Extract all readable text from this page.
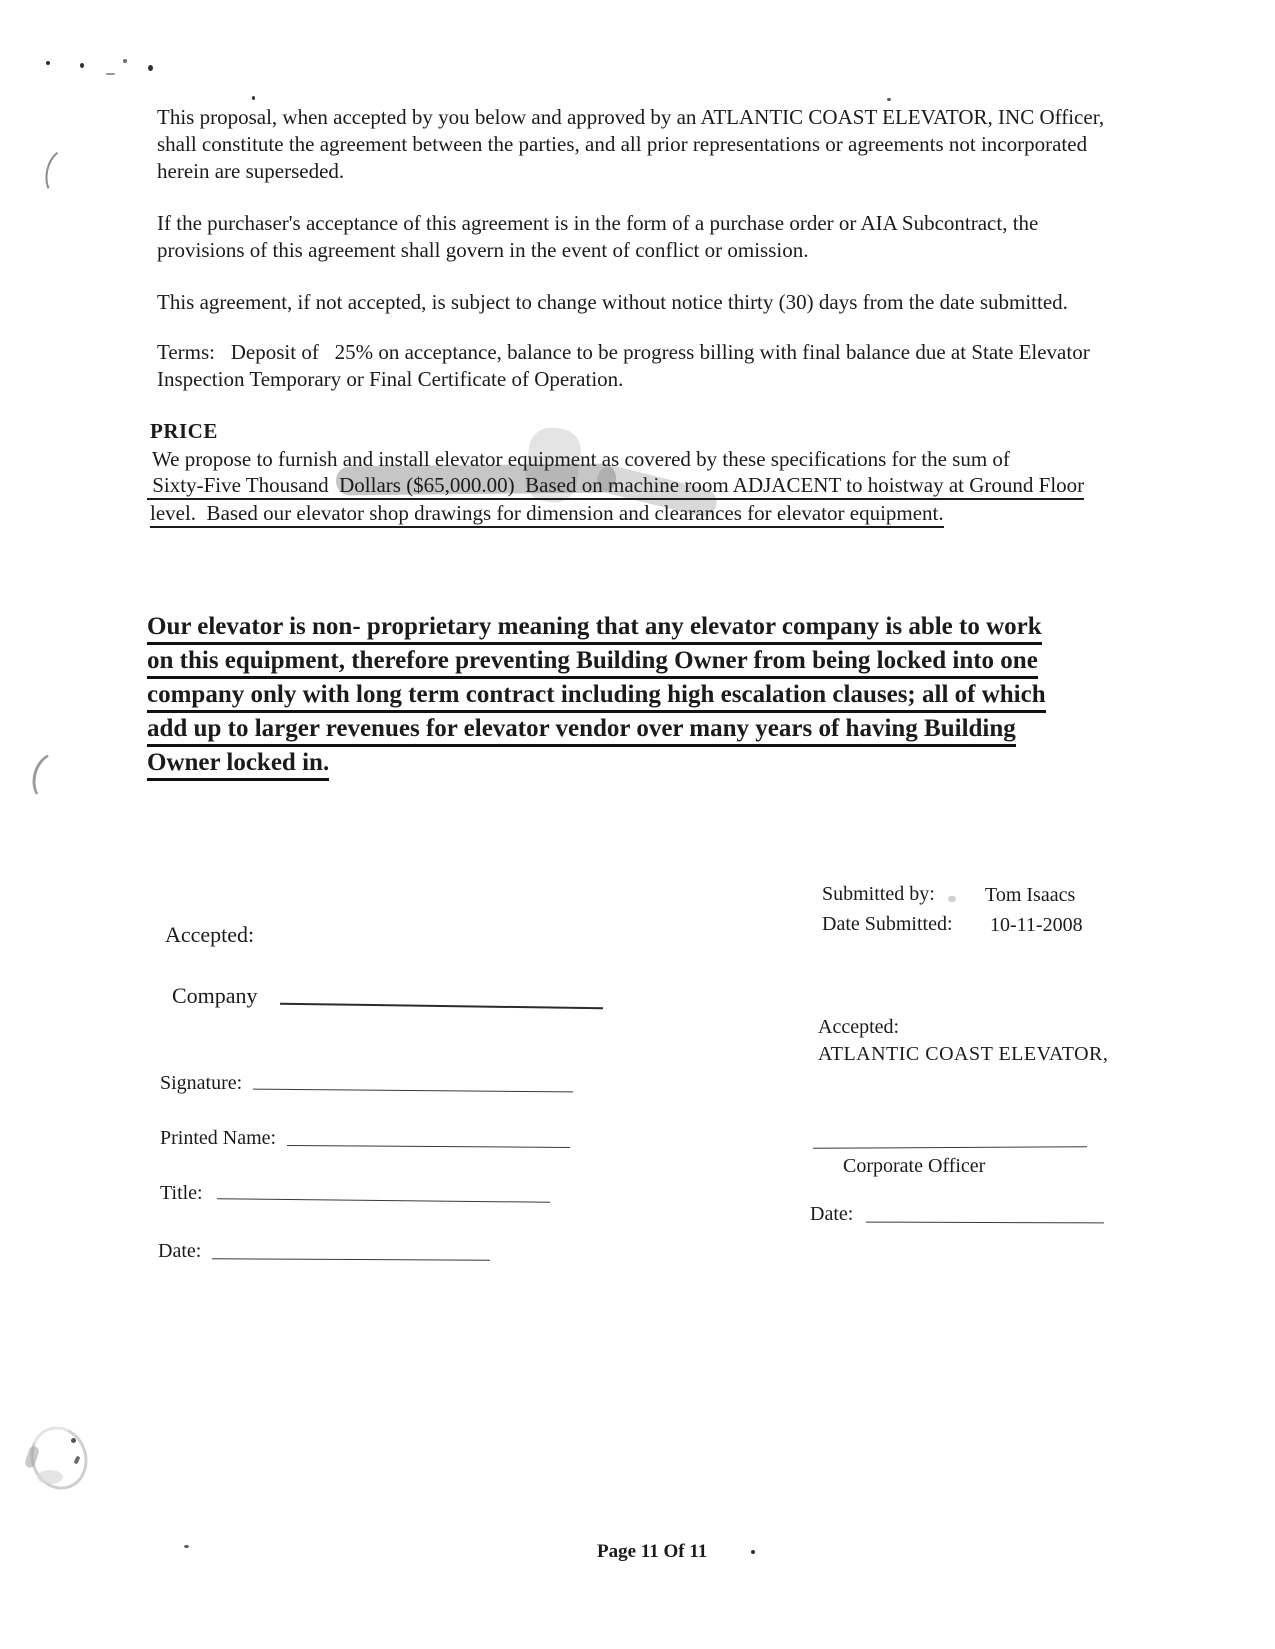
This proposal, when accepted by you below and approved by an ATLANTIC COAST ELEVATOR, INC Officer,
shall constitute the agreement between the parties, and all prior representations or agreements not incorporated
herein are superseded.
If the purchaser's acceptance of this agreement is in the form of a purchase order or AIA Subcontract, the
provisions of this agreement shall govern in the event of conflict or omission.
This agreement, if not accepted, is subject to change without notice thirty (30) days from the date submitted.
Terms:   Deposit of   25% on acceptance, balance to be progress billing with final balance due at State Elevator
Inspection Temporary or Final Certificate of Operation.
PRICE
We propose to furnish and install elevator equipment as covered by these specifications for the sum of
Sixty-Five Thousand  Dollars ($65,000.00)  Based on machine room ADJACENT to hoistway at Ground Floor
level.  Based our elevator shop drawings for dimension and clearances for elevator equipment.
Our elevator is non- proprietary meaning that any elevator company is able to work
on this equipment, therefore preventing Building Owner from being locked into one
company only with long term contract including high escalation clauses; all of which
add up to larger revenues for elevator vendor over many years of having Building
Owner locked in.
Submitted by:	Tom Isaacs
Date Submitted: 10-11-2008
Accepted:
Company
Accepted:
ATLANTIC COAST ELEVATOR,
Signature:
Printed Name:
Corporate Officer
Title:
Date:
Date:
Page 11 Of 11
